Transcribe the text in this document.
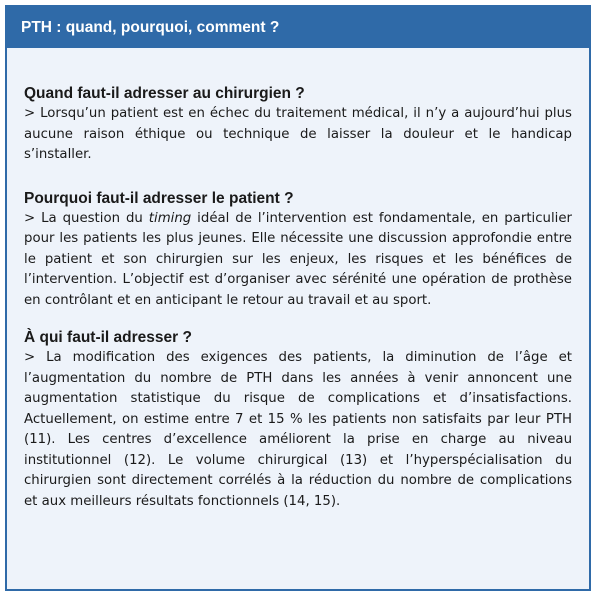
PTH : quand, pourquoi, comment ?
Quand faut-il adresser au chirurgien ?

> Lorsqu’un patient est en échec du traitement médical, il n’y a aujourd’hui plus aucune raison éthique ou technique de laisser la douleur et le handicap s’installer.

Pourquoi faut-il adresser le patient ?

> La question du timing idéal de l’intervention est fondamentale, en particulier pour les patients les plus jeunes. Elle nécessite une discussion approfondie entre le patient et son chirurgien sur les enjeux, les risques et les bénéfices de l’intervention. L’objectif est d’organiser avec sérénité une opération de prothèse en contrôlant et en anticipant le retour au travail et au sport.

À qui faut-il adresser ?

> La modification des exigences des patients, la diminution de l’âge et l’augmentation du nombre de PTH dans les années à venir annoncent une augmentation statistique du risque de complications et d’insatisfactions. Actuellement, on estime entre 7 et 15 % les patients non satisfaits par leur PTH (11). Les centres d’excellence améliorent la prise en charge au niveau institutionnel (12). Le volume chirurgical (13) et l’hyperspécialisation du chirurgien sont directement corrélés à la réduction du nombre de complications et aux meilleurs résultats fonctionnels (14, 15).
